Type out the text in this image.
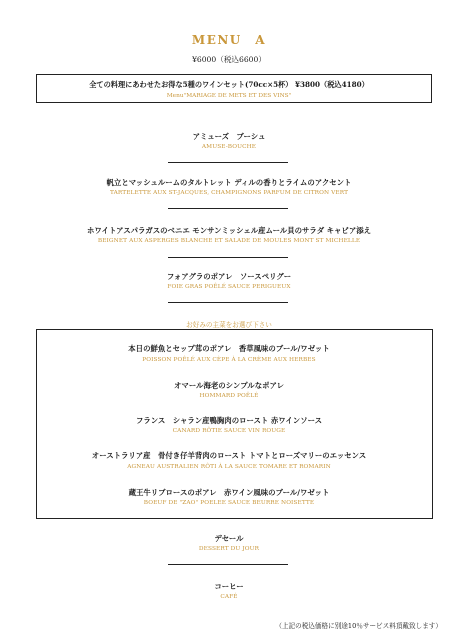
MENU　A
¥6000（税込6600）
全ての料理にあわせたお得な5種のワインセット(70cc×5杯） ¥3800（税込4180）
Menu"MARIAGE DE METS ET DES VINS"
アミューズ　ブーシュ
AMUSE-BOUCHE
帆立とマッシュルームのタルトレット ディルの香りとライムのアクセント
TARTELETTE AUX ST-JACQUES, CHAMPIGNONS PARFUM DE CITRON VERT
ホワイトアスパラガスのベニエ モンサンミッシェル産ムール貝のサラダ キャビア添え
BEIGNET AUX ASPERGES BLANCHE ET SALADE DE MOULES MONT ST MICHELLE
フォアグラのポアレ　ソースペリグー
FOIE GRAS POÊLÉ SAUCE PERIGUEUX
お好みの主菜をお選び下さい
本日の鮮魚とセップ茸のポアレ　香草風味のブール/ワゼット
POISSON POÊLÉ AUX CÈPE À LA CRÈME AUX HERBES
オマール海老のシンプルなポアレ
HOMMARD POÊLÉ
フランス　シャラン産鴨胸肉のロースト 赤ワインソース
CANARD RÔTIE SAUCE VIN ROUGE
オーストラリア産　骨付き仔羊背肉のロースト トマトとローズマリーのエッセンス
AGNEAU AUSTRALIEN RÔTI À LA SAUCE TOMARE ET ROMARIN
蔵王牛リブロースのポアレ　赤ワイン風味のブール/ワゼット
BOEUF DE "ZAO" POELEE SAUCE BEURRE NOISETTE
デセール
DESSERT DU JOUR
コーヒー
CAFÉ
（上記の税込価格に別途10％サービス料頂戴致します）
